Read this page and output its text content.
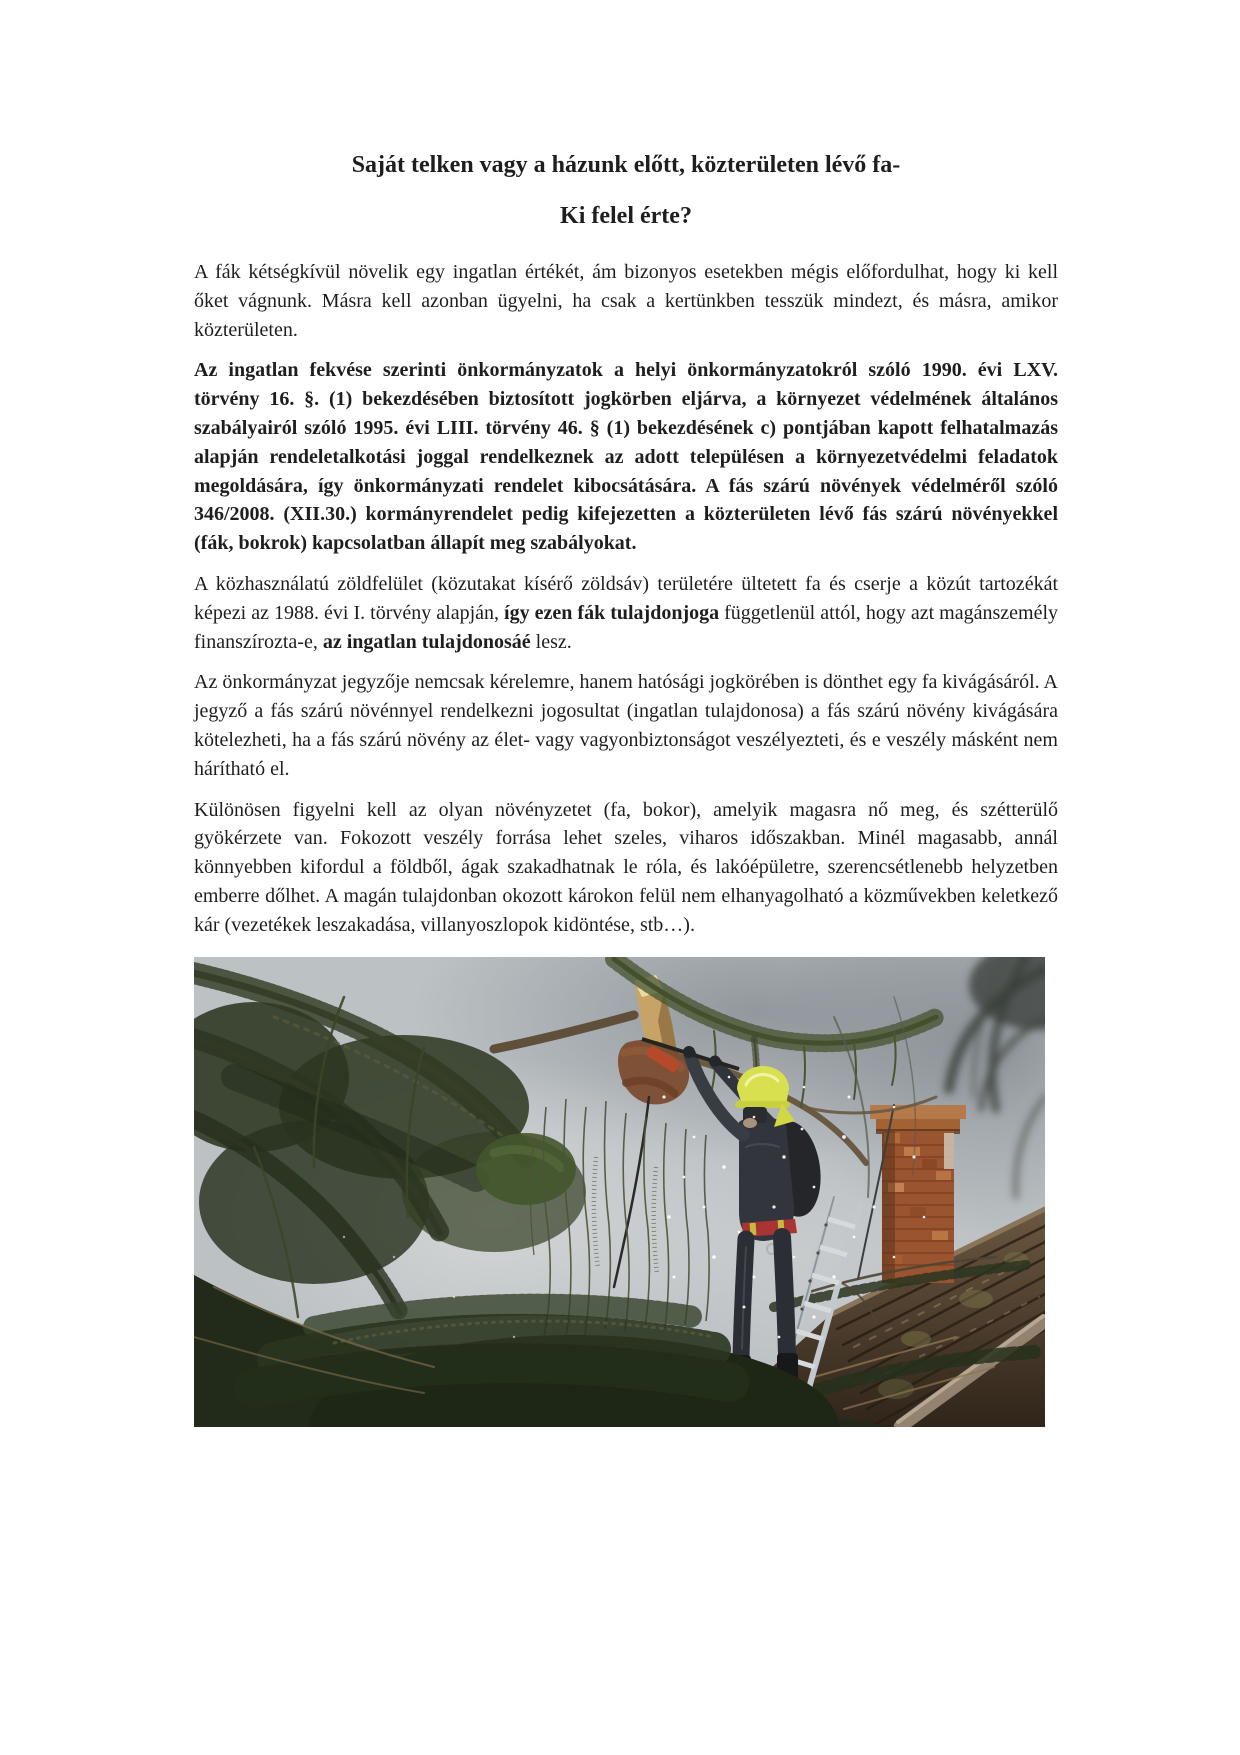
Saját telken vagy a házunk előtt, közterületen lévő fa-
Ki felel érte?

A fák kétségkívül növelik egy ingatlan értékét, ám bizonyos esetekben mégis előfordulhat, hogy ki kell őket vágnunk. Másra kell azonban ügyelni, ha csak a kertünkben tesszük mindezt, és másra, amikor közterületen.

Az ingatlan fekvése szerinti önkormányzatok a helyi önkormányzatokról szóló 1990. évi LXV. törvény 16. §. (1) bekezdésében biztosított jogkörben eljárva, a környezet védelmének általános szabályairól szóló 1995. évi LIII. törvény 46. § (1) bekezdésének c) pontjában kapott felhatalmazás alapján rendeletalkotási joggal rendelkeznek az adott településen a környezetvédelmi feladatok megoldására, így önkormányzati rendelet kibocsátására. A fás szárú növények védelméről szóló 346/2008. (XII.30.) kormányrendelet pedig kifejezetten a közterületen lévő fás szárú növényekkel (fák, bokrok) kapcsolatban állapít meg szabályokat.

A közhasználatú zöldfelület (közutakat kísérő zöldsáv) területére ültetett fa és cserje a közút tartozékát képezi az 1988. évi I. törvény alapján, így ezen fák tulajdonjoga függetlenül attól, hogy azt magánszemély finanszírozta-e, az ingatlan tulajdonosáé lesz.

Az önkormányzat jegyzője nemcsak kérelemre, hanem hatósági jogkörében is dönthet egy fa kivágásáról. A jegyző a fás szárú növénnyel rendelkezni jogosultat (ingatlan tulajdonosa) a fás szárú növény kivágására kötelezheti, ha a fás szárú növény az élet- vagy vagyonbiztonságot veszélyezteti, és e veszély másként nem hárítható el.

Különösen figyelni kell az olyan növényzetet (fa, bokor), amelyik magasra nő meg, és szétterülő gyökérzete van. Fokozott veszély forrása lehet szeles, viharos időszakban. Minél magasabb, annál könnyebben kifordul a földből, ágak szakadhatnak le róla, és lakóépületre, szerencsétlenebb helyzetben emberre dőlhet. A magán tulajdonban okozott károkon felül nem elhanyagolható a közművekben keletkező kár (vezetékek leszakadása, villanyoszlopok kidöntése, stb…).
